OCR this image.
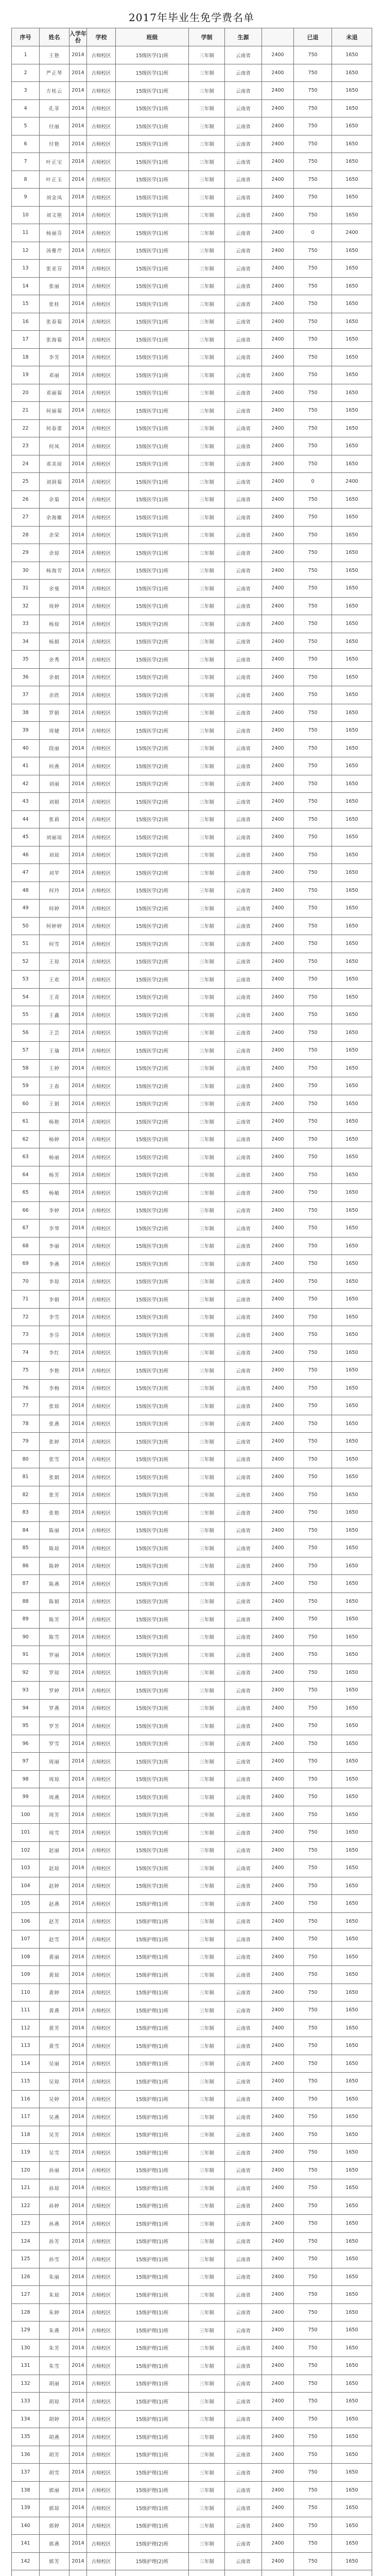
2017年毕业生免学费名单
序号	姓名	入学年份	学校	班级	学制	生源		已退	未退
1	王艳	2014	古师校区	15级医学(1)班	三年制	云南省	2400	750	1650
2	严正琴	2014	古师校区	15级医学(1)班	三年制	云南省	2400	750	1650
3	方桂云	2014	古师校区	15级医学(1)班	三年制	云南省	2400	750	1650
4	孔菲	2014	古师校区	15级医学(1)班	三年制	云南省	2400	750	1650
5	付丽	2014	古师校区	15级医学(1)班	三年制	云南省	2400	750	1650
6	付艳	2014	古师校区	15级医学(1)班	三年制	云南省	2400	750	1650
7	叶正宝	2014	古师校区	15级医学(1)班	三年制	云南省	2400	750	1650
8	叶正玉	2014	古师校区	15级医学(1)班	三年制	云南省	2400	750	1650
9	刘金凤	2014	古师校区	15级医学(1)班	三年制	云南省	2400	750	1650
10	刘文艳	2014	古师校区	15级医学(1)班	三年制	云南省	2400	750	1650
11	杨丽芬	2014	古师校区	15级医学(1)班	三年制	云南省	2400	0	2400
12	汤雅芹	2014	古师校区	15级医学(1)班	三年制	云南省	2400	750	1650
13	张亚芬	2014	古师校区	15级医学(1)班	三年制	云南省	2400	750	1650
14	张丽	2014	古师校区	15级医学(1)班	三年制	云南省	2400	750	1650
15	张桂	2014	古师校区	15级医学(1)班	三年制	云南省	2400	750	1650
16	张春菊	2014	古师校区	15级医学(1)班	三年制	云南省	2400	750	1650
17	张海菊	2014	古师校区	15级医学(1)班	三年制	云南省	2400	750	1650
18	李芳	2014	古师校区	15级医学(1)班	三年制	云南省	2400	750	1650
19	邓丽	2014	古师校区	15级医学(1)班	三年制	云南省	2400	750	1650
20	邓丽菊	2014	古师校区	15级医学(1)班	三年制	云南省	2400	750	1650
21	何丽菊	2014	古师校区	15级医学(1)班	三年制	云南省	2400	750	1650
22	何春蕾	2014	古师校区	15级医学(1)班	三年制	云南省	2400	750	1650
23	何凤	2014	古师校区	15级医学(1)班	三年制	云南省	2400	750	1650
24	邓美琼	2014	古师校区	15级医学(1)班	三年制	云南省	2400	750	1650
25	刘润菊	2014	古师校区	15级医学(1)班	三年制	云南省	2400	0	2400
26	余菊	2014	古师校区	15级医学(1)班	三年制	云南省	2400	750	1650
27	余海雁	2014	古师校区	15级医学(1)班	三年制	云南省	2400	750	1650
28	余荣	2014	古师校区	15级医学(1)班	三年制	云南省	2400	750	1650
29	余琼	2014	古师校区	15级医学(1)班	三年制	云南省	2400	750	1650
30	杨海芳	2014	古师校区	15级医学(1)班	三年制	云南省	2400	750	1650
31	余曼	2014	古师校区	15级医学(1)班	三年制	云南省	2400	750	1650
32	周婷	2014	古师校区	15级医学(1)班	三年制	云南省	2400	750	1650
33	杨琼	2014	古师校区	15级医学(2)班	三年制	云南省	2400	750	1650
34	杨娟	2014	古师校区	15级医学(2)班	三年制	云南省	2400	750	1650
35	余秀	2014	古师校区	15级医学(2)班	三年制	云南省	2400	750	1650
36	余娟	2014	古师校区	15级医学(2)班	三年制	云南省	2400	750	1650
37	余欣	2014	古师校区	15级医学(2)班	三年制	云南省	2400	750	1650
38	罗娟	2014	古师校区	15级医学(2)班	三年制	云南省	2400	750	1650
39	周婕	2014	古师校区	15级医学(2)班	三年制	云南省	2400	750	1650
40	段丽	2014	古师校区	15级医学(2)班	三年制	云南省	2400	750	1650
41	何燕	2014	古师校区	15级医学(2)班	三年制	云南省	2400	750	1650
42	刘丽	2014	古师校区	15级医学(2)班	三年制	云南省	2400	750	1650
43	刘娟	2014	古师校区	15级医学(2)班	三年制	云南省	2400	750	1650
44	张莉	2014	古师校区	15级医学(2)班	三年制	云南省	2400	750	1650
45	刘丽琼	2014	古师校区	15级医学(2)班	三年制	云南省	2400	750	1650
46	刘琼	2014	古师校区	15级医学(2)班	三年制	云南省	2400	750	1650
47	刘苹	2014	古师校区	15级医学(2)班	三年制	云南省	2400	750	1650
48	何玲	2014	古师校区	15级医学(2)班	三年制	云南省	2400	750	1650
49	何婷	2014	古师校区	15级医学(2)班	三年制	云南省	2400	750	1650
50	何婷婷	2014	古师校区	15级医学(2)班	三年制	云南省	2400	750	1650
51	何雪	2014	古师校区	15级医学(2)班	三年制	云南省	2400	750	1650
52	王琼	2014	古师校区	15级医学(2)班	三年制	云南省	2400	750	1650
53	王欢	2014	古师校区	15级医学(2)班	三年制	云南省	2400	750	1650
54	王青	2014	古师校区	15级医学(2)班	三年制	云南省	2400	750	1650
55	王鑫	2014	古师校区	15级医学(2)班	三年制	云南省	2400	750	1650
56	王芸	2014	古师校区	15级医学(2)班	三年制	云南省	2400	750	1650
57	王瑜	2014	古师校区	15级医学(2)班	三年制	云南省	2400	750	1650
58	王婷	2014	古师校区	15级医学(2)班	三年制	云南省	2400	750	1650
59	王春	2014	古师校区	15级医学(2)班	三年制	云南省	2400	750	1650
60	王娟	2014	古师校区	15级医学(2)班	三年制	云南省	2400	750	1650
61	杨艳	2014	古师校区	15级医学(2)班	三年制	云南省	2400	750	1650
62	杨婷	2014	古师校区	15级医学(2)班	三年制	云南省	2400	750	1650
63	杨丽	2014	古师校区	15级医学(2)班	三年制	云南省	2400	750	1650
64	杨芳	2014	古师校区	15级医学(2)班	三年制	云南省	2400	750	1650
65	杨敏	2014	古师校区	15级医学(2)班	三年制	云南省	2400	750	1650
66	李婷	2014	古师校区	15级医学(2)班	三年制	云南省	2400	750	1650
67	李琴	2014	古师校区	15级医学(2)班	三年制	云南省	2400	750	1650
68	李丽	2014	古师校区	15级医学(3)班	三年制	云南省	2400	750	1650
69	李燕	2014	古师校区	15级医学(3)班	三年制	云南省	2400	750	1650
70	李琼	2014	古师校区	15级医学(3)班	三年制	云南省	2400	750	1650
71	李娟	2014	古师校区	15级医学(3)班	三年制	云南省	2400	750	1650
72	李雪	2014	古师校区	15级医学(3)班	三年制	云南省	2400	750	1650
73	李芬	2014	古师校区	15级医学(3)班	三年制	云南省	2400	750	1650
74	李红	2014	古师校区	15级医学(3)班	三年制	云南省	2400	750	1650
75	李艳	2014	古师校区	15级医学(3)班	三年制	云南省	2400	750	1650
76	李梅	2014	古师校区	15级医学(3)班	三年制	云南省	2400	750	1650
77	张琼	2014	古师校区	15级医学(3)班	三年制	云南省	2400	750	1650
78	张燕	2014	古师校区	15级医学(3)班	三年制	云南省	2400	750	1650
79	张婷	2014	古师校区	15级医学(3)班	三年制	云南省	2400	750	1650
80	张雪	2014	古师校区	15级医学(3)班	三年制	云南省	2400	750	1650
81	张娟	2014	古师校区	15级医学(3)班	三年制	云南省	2400	750	1650
82	张芳	2014	古师校区	15级医学(3)班	三年制	云南省	2400	750	1650
83	张艳	2014	古师校区	15级医学(3)班	三年制	云南省	2400	750	1650
84	陈丽	2014	古师校区	15级医学(3)班	三年制	云南省	2400	750	1650
85	陈琼	2014	古师校区	15级医学(3)班	三年制	云南省	2400	750	1650
86	陈婷	2014	古师校区	15级医学(3)班	三年制	云南省	2400	750	1650
87	陈燕	2014	古师校区	15级医学(3)班	三年制	云南省	2400	750	1650
88	陈娟	2014	古师校区	15级医学(3)班	三年制	云南省	2400	750	1650
89	陈芳	2014	古师校区	15级医学(3)班	三年制	云南省	2400	750	1650
90	陈雪	2014	古师校区	15级医学(3)班	三年制	云南省	2400	750	1650
91	罗丽	2014	古师校区	15级医学(3)班	三年制	云南省	2400	750	1650
92	罗琼	2014	古师校区	15级医学(3)班	三年制	云南省	2400	750	1650
93	罗婷	2014	古师校区	15级医学(3)班	三年制	云南省	2400	750	1650
94	罗燕	2014	古师校区	15级医学(3)班	三年制	云南省	2400	750	1650
95	罗芳	2014	古师校区	15级医学(3)班	三年制	云南省	2400	750	1650
96	罗雪	2014	古师校区	15级医学(3)班	三年制	云南省	2400	750	1650
97	周丽	2014	古师校区	15级医学(3)班	三年制	云南省	2400	750	1650
98	周琼	2014	古师校区	15级医学(3)班	三年制	云南省	2400	750	1650
99	周燕	2014	古师校区	15级医学(3)班	三年制	云南省	2400	750	1650
100	周芳	2014	古师校区	15级医学(3)班	三年制	云南省	2400	750	1650
101	周雪	2014	古师校区	15级医学(3)班	三年制	云南省	2400	750	1650
102	赵丽	2014	古师校区	15级医学(3)班	三年制	云南省	2400	750	1650
103	赵琼	2014	古师校区	15级医学(3)班	三年制	云南省	2400	750	1650
104	赵婷	2014	古师校区	15级医学(3)班	三年制	云南省	2400	750	1650
105	赵燕	2014	古师校区	15级护理(1)班	三年制	云南省	2400	750	1650
106	赵芳	2014	古师校区	15级护理(1)班	三年制	云南省	2400	750	1650
107	赵雪	2014	古师校区	15级护理(1)班	三年制	云南省	2400	750	1650
108	黄丽	2014	古师校区	15级护理(1)班	三年制	云南省	2400	750	1650
109	黄琼	2014	古师校区	15级护理(1)班	三年制	云南省	2400	750	1650
110	黄婷	2014	古师校区	15级护理(1)班	三年制	云南省	2400	750	1650
111	黄燕	2014	古师校区	15级护理(1)班	三年制	云南省	2400	750	1650
112	黄芳	2014	古师校区	15级护理(1)班	三年制	云南省	2400	750	1650
113	黄雪	2014	古师校区	15级护理(1)班	三年制	云南省	2400	750	1650
114	吴丽	2014	古师校区	15级护理(1)班	三年制	云南省	2400	750	1650
115	吴琼	2014	古师校区	15级护理(1)班	三年制	云南省	2400	750	1650
116	吴婷	2014	古师校区	15级护理(1)班	三年制	云南省	2400	750	1650
117	吴燕	2014	古师校区	15级护理(1)班	三年制	云南省	2400	750	1650
118	吴芳	2014	古师校区	15级护理(1)班	三年制	云南省	2400	750	1650
119	吴雪	2014	古师校区	15级护理(1)班	三年制	云南省	2400	750	1650
120	孙丽	2014	古师校区	15级护理(1)班	三年制	云南省	2400	750	1650
121	孙琼	2014	古师校区	15级护理(1)班	三年制	云南省	2400	750	1650
122	孙婷	2014	古师校区	15级护理(1)班	三年制	云南省	2400	750	1650
123	孙燕	2014	古师校区	15级护理(1)班	三年制	云南省	2400	750	1650
124	孙芳	2014	古师校区	15级护理(1)班	三年制	云南省	2400	750	1650
125	孙雪	2014	古师校区	15级护理(1)班	三年制	云南省	2400	750	1650
126	朱丽	2014	古师校区	15级护理(1)班	三年制	云南省	2400	750	1650
127	朱琼	2014	古师校区	15级护理(1)班	三年制	云南省	2400	750	1650
128	朱婷	2014	古师校区	15级护理(1)班	三年制	云南省	2400	750	1650
129	朱燕	2014	古师校区	15级护理(1)班	三年制	云南省	2400	750	1650
130	朱芳	2014	古师校区	15级护理(1)班	三年制	云南省	2400	750	1650
131	朱雪	2014	古师校区	15级护理(1)班	三年制	云南省	2400	750	1650
132	胡丽	2014	古师校区	15级护理(1)班	三年制	云南省	2400	750	1650
133	胡琼	2014	古师校区	15级护理(1)班	三年制	云南省	2400	750	1650
134	胡婷	2014	古师校区	15级护理(1)班	三年制	云南省	2400	750	1650
135	胡燕	2014	古师校区	15级护理(1)班	三年制	云南省	2400	750	1650
136	胡芳	2014	古师校区	15级护理(1)班	三年制	云南省	2400	750	1650
137	胡雪	2014	古师校区	15级护理(1)班	三年制	云南省	2400	750	1650
138	郭丽	2014	古师校区	15级护理(1)班	三年制	云南省	2400	750	1650
139	郭琼	2014	古师校区	15级护理(1)班	三年制	云南省	2400	750	1650
140	郭婷	2014	古师校区	15级护理(1)班	三年制	云南省	2400	750	1650
141	郭燕	2014	古师校区	15级护理(2)班	三年制	云南省	2400	750	1650
142	郭芳	2014	古师校区	15级护理(2)班	三年制	云南省	2400	750	1650
